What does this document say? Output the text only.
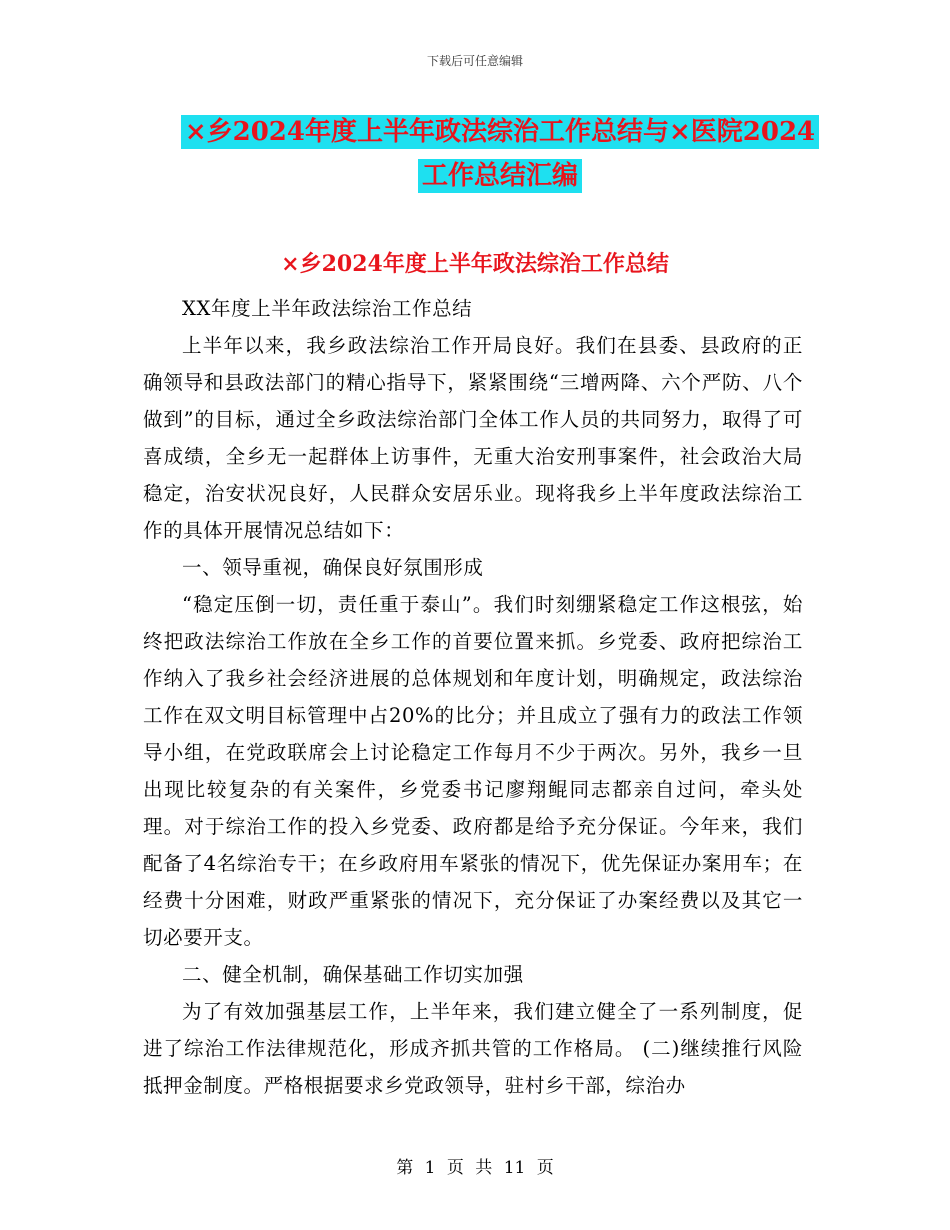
下载后可任意编辑
×乡2024年度上半年政法综治工作总结与×医院2024
工作总结汇编
×乡2024年度上半年政法综治工作总结

XX年度上半年政法综治工作总结

上半年以来，我乡政法综治工作开局良好。我们在县委、县政府的正确领导和县政法部门的精心指导下，紧紧围绕“三增两降、六个严防、八个做到”的目标，通过全乡政法综治部门全体工作人员的共同努力，取得了可喜成绩，全乡无一起群体上访事件，无重大治安刑事案件，社会政治大局稳定，治安状况良好，人民群众安居乐业。现将我乡上半年度政法综治工作的具体开展情况总结如下：

一、领导重视，确保良好氛围形成

“稳定压倒一切，责任重于泰山”。我们时刻绷紧稳定工作这根弦，始终把政法综治工作放在全乡工作的首要位置来抓。乡党委、政府把综治工作纳入了我乡社会经济进展的总体规划和年度计划，明确规定，政法综治工作在双文明目标管理中占20%的比分；并且成立了强有力的政法工作领导小组，在党政联席会上讨论稳定工作每月不少于两次。另外，我乡一旦出现比较复杂的有关案件，乡党委书记廖翔鲲同志都亲自过问，牵头处理。对于综治工作的投入乡党委、政府都是给予充分保证。今年来，我们配备了4名综治专干；在乡政府用车紧张的情况下，优先保证办案用车；在经费十分困难，财政严重紧张的情况下，充分保证了办案经费以及其它一切必要开支。

二、健全机制，确保基础工作切实加强

为了有效加强基层工作，上半年来，我们建立健全了一系列制度，促进了综治工作法律规范化，形成齐抓共管的工作格局。 (二)继续推行风险抵押金制度。严格根据要求乡党政领导，驻村乡干部，综治办

第 1 页 共 11 页
